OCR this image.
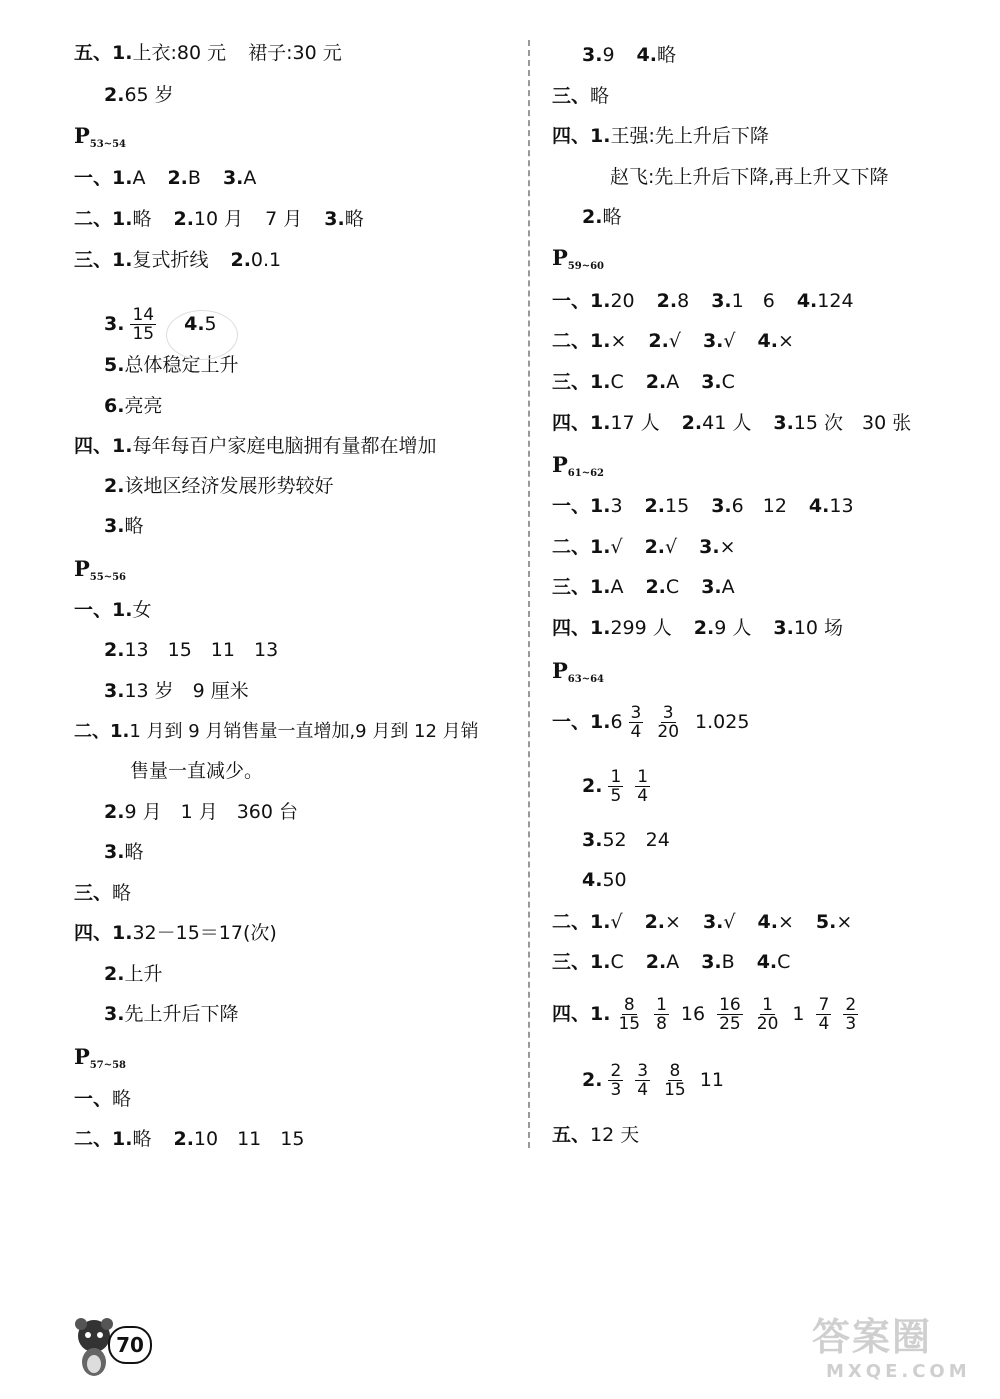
五、1.上衣:80 元 裙子:30 元
2.65 岁
$P_{53\sim 54}$
一、1.A 2.B 3.A
二、1.略 2.10 月 7 月 3.略
三、1.复式折线 2.0.1
3. $\frac{14}{15} 4.5$
5.总体稳定上升
6.亮亮
四、1.每年每百户家庭电脑拥有量都在增加
2.该地区经济发展形势较好
3.略
$P_{55\sim 56}$
一、1.女
2.13　15　11　13
3.13 岁　9 厘米
二、1.1 月到 9 月销售量一直增加,9 月到 12 月销
售量一直减少。
2.9 月　1 月　360 台
3.略
三、略
四、1.32－15＝17(次)
2.上升
3.先上升后下降
$P_{57\sim 58}$
一、略
二、1.略 2.10　11　15
3.9 4.略
三、略
四、1.王强:先上升后下降
赵飞:先上升后下降,再上升又下降
2.略
$P_{59\sim 60}$
一、1.20 2.8 3.1　6 4.124
二、1.× 2.√ 3.√ 4.×
三、1.C 2.A 3.C
四、1.17 人 2.41 人 3.15 次　30 张
$P_{61\sim 62}$
一、1.3 2.15 3.6　12 4.13
二、1.√ 2.√ 3.×
三、1.A 2.C 3.A
四、1.299 人 2.9 人 3.10 场
$P_{63\sim 64}$
一、$1.6 \frac{3}{4} \frac{3}{20} 1.025$
2. $\frac{1}{5} \frac{1}{4}$
3.52　24
4.50
二、1.√ 2.× 3.√ 4.× 5.×
三、1.C 2.A 3.B 4.C
四、1. $\frac{8}{15} \frac{1}{8} 16 \frac{16}{25} \frac{1}{20} 1 \frac{7}{4} \frac{2}{3}$
2. $\frac{2}{3} \frac{3}{4} \frac{8}{15} 11$
五、12 天
70	答案圈
MXQE.COM
